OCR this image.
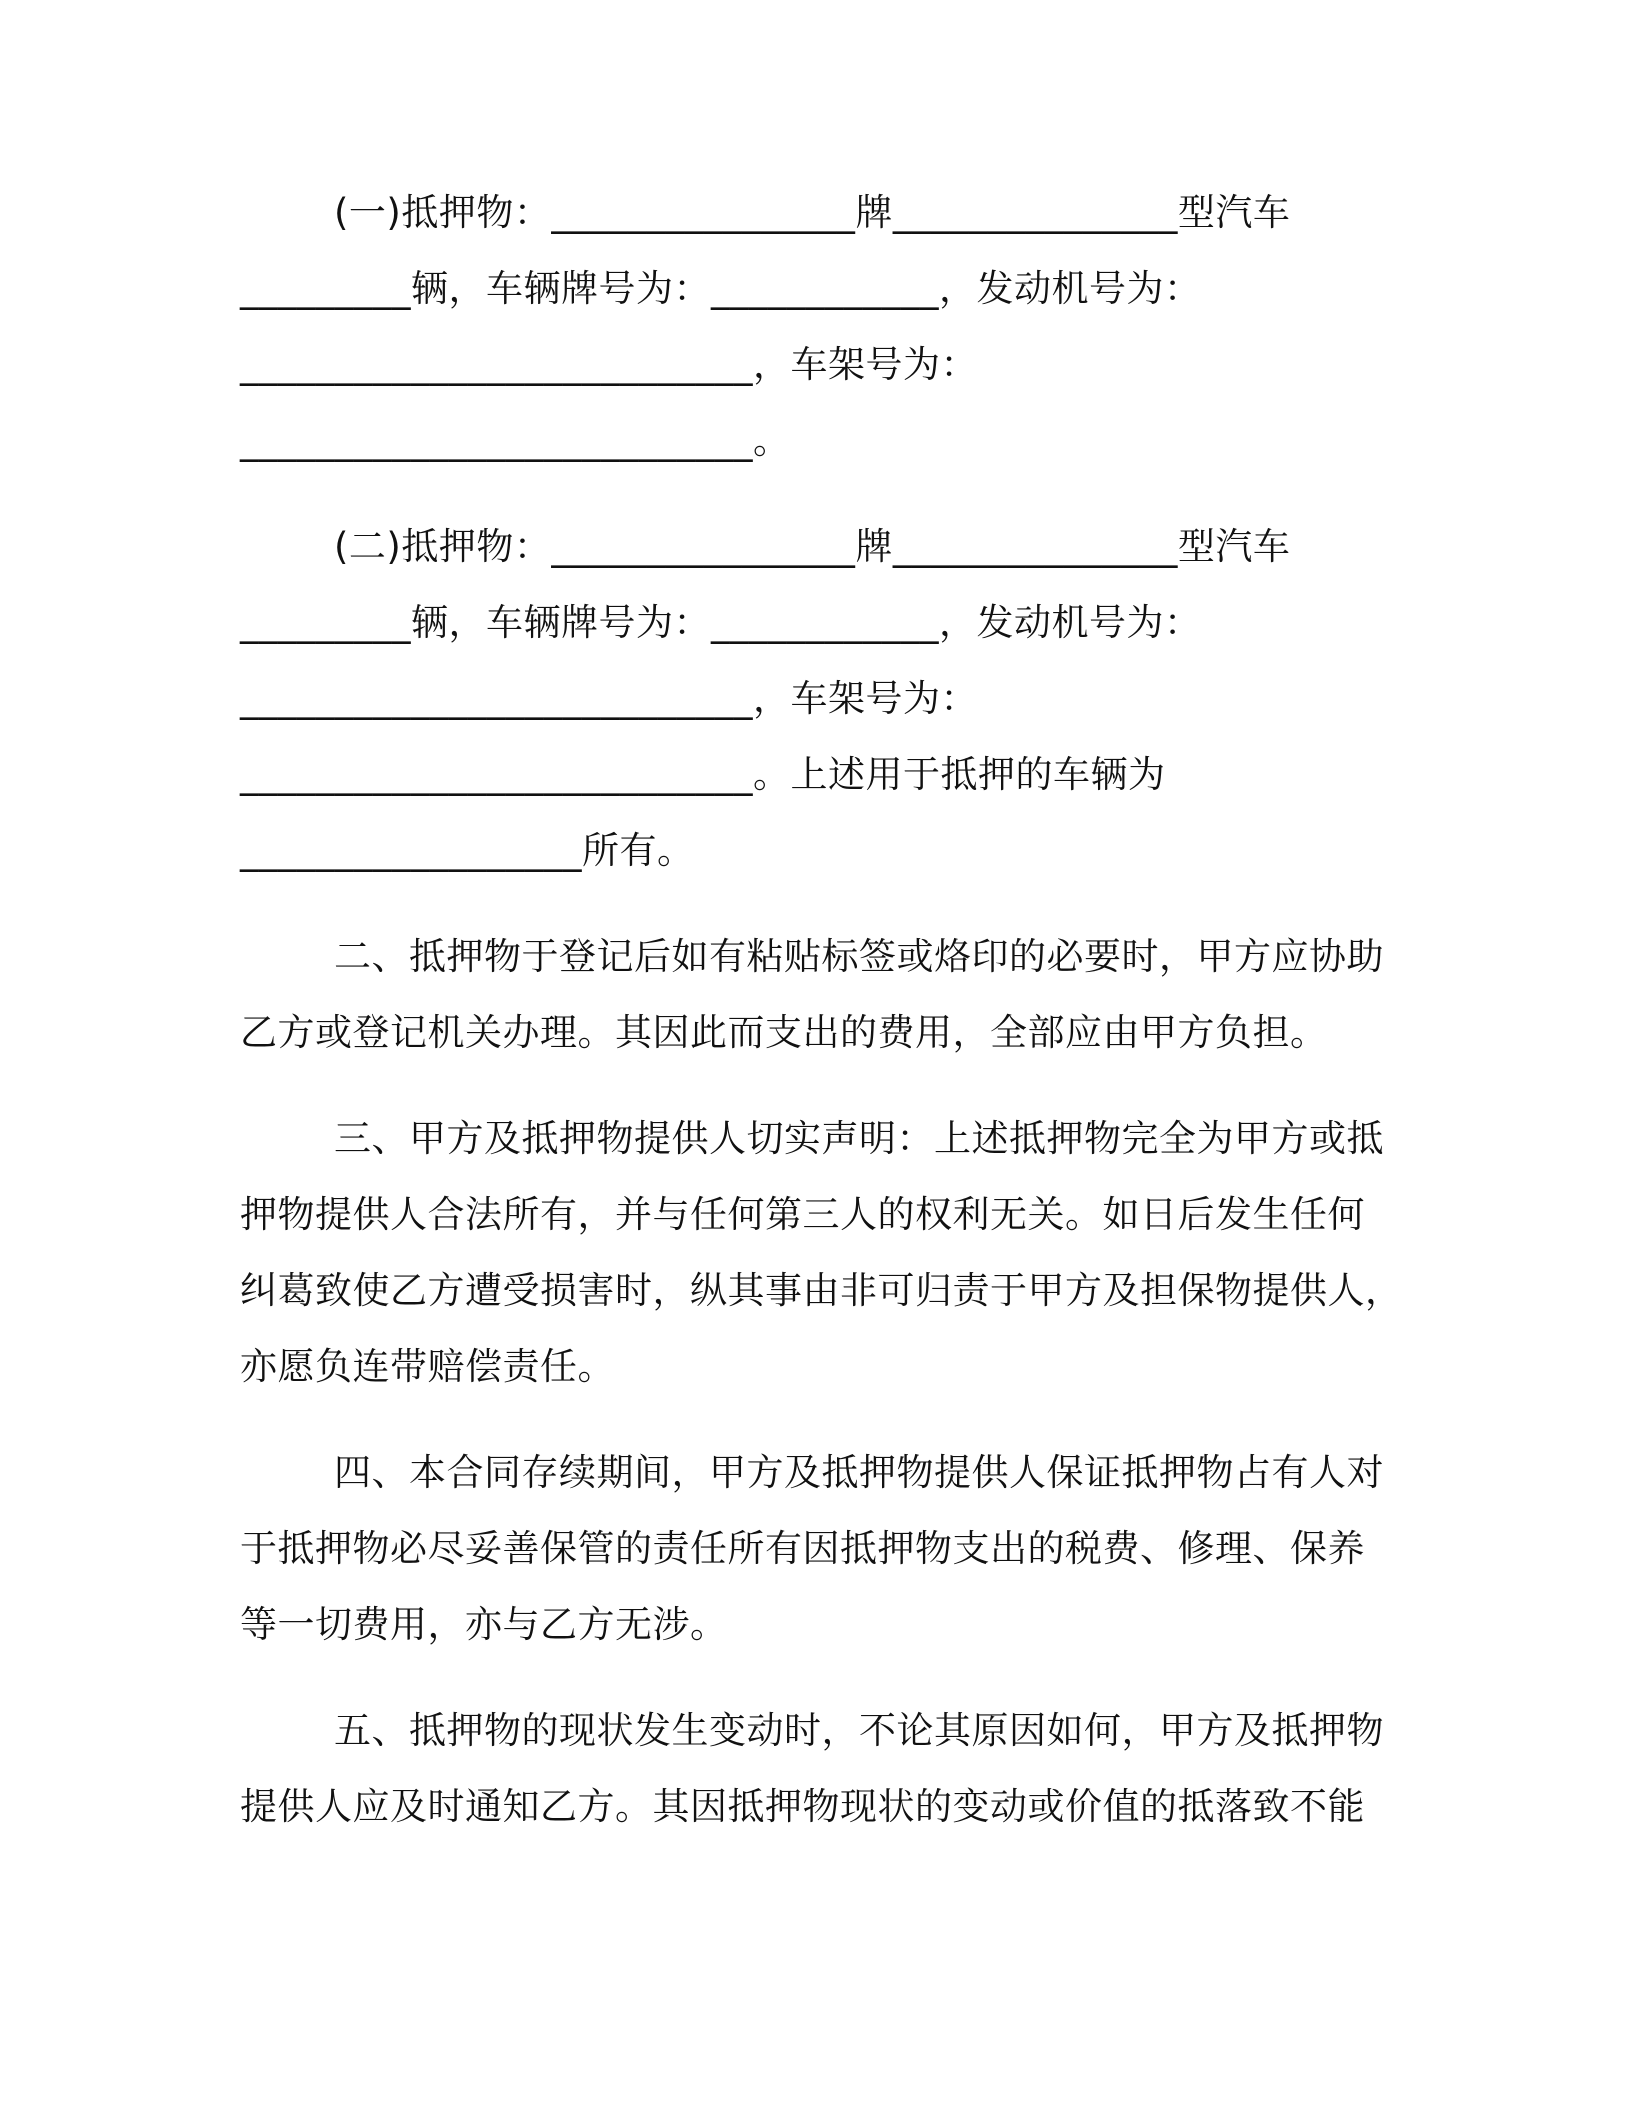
(一)抵押物：________________牌_______________型汽车
_________辆，车辆牌号为：____________，发动机号为：
___________________________，车架号为：
___________________________。
(二)抵押物：________________牌_______________型汽车
_________辆，车辆牌号为：____________，发动机号为：
___________________________，车架号为：
___________________________。上述用于抵押的车辆为
__________________所有。
二、抵押物于登记后如有粘贴标签或烙印的必要时，甲方应协助
乙方或登记机关办理。其因此而支出的费用，全部应由甲方负担。
三、甲方及抵押物提供人切实声明：上述抵押物完全为甲方或抵
押物提供人合法所有，并与任何第三人的权利无关。如日后发生任何
纠葛致使乙方遭受损害时，纵其事由非可归责于甲方及担保物提供人，
亦愿负连带赔偿责任。
四、本合同存续期间，甲方及抵押物提供人保证抵押物占有人对
于抵押物必尽妥善保管的责任所有因抵押物支出的税费、修理、保养
等一切费用，亦与乙方无涉。
五、抵押物的现状发生变动时，不论其原因如何，甲方及抵押物
提供人应及时通知乙方。其因抵押物现状的变动或价值的抵落致不能
